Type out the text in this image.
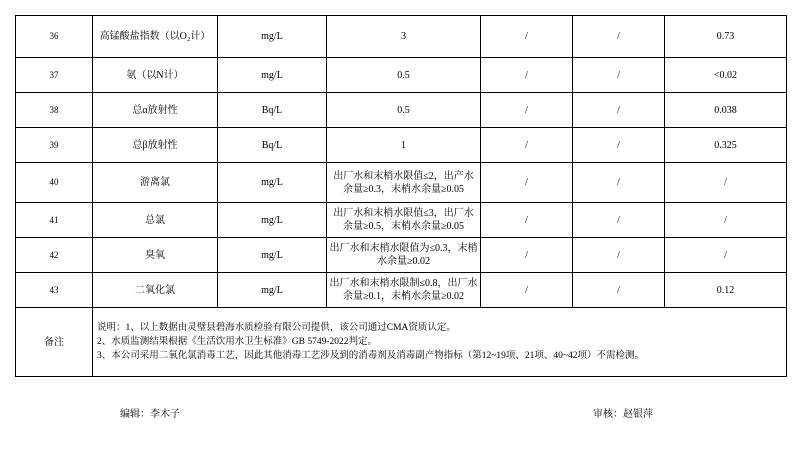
36	高锰酸盐指数（以O₂计）	mg/L	3	/	/	0.73
37	氨（以N计）	mg/L	0.5	/	/	<0.02
38	总α放射性	Bq/L	0.5	/	/	0.038
39	总β放射性	Bq/L	1	/	/	0.325
40	游离氯	mg/L	出厂水和末梢水限值≤2，出产水余量≥0.3，末梢水余量≥0.05	/	/	/
41	总氯	mg/L	出厂水和末梢水限值≤3，出厂水余量≥0.5，末梢水余量≥0.05	/	/	/
42	臭氧	mg/L	出厂水和末梢水限值为≤0.3，末梢水余量≥0.02	/	/	/
43	二氧化氯	mg/L	出厂水和末梢水限制≤0.8，出厂水余量≥0.1，末梢水余量≥0.02	/	/	0.12
备注	说明：1、以上数据由灵璧县碧海水质检验有限公司提供，该公司通过CMA资质认定。
2、水质监测结果根据《生活饮用水卫生标准》GB 5749-2022判定。
3、本公司采用二氧化氯消毒工艺，因此其他消毒工艺涉及到的消毒剂及消毒副产物指标（第12~19项、21项、40~42项）不需检测。					
编辑：李木子	审核：赵银萍
